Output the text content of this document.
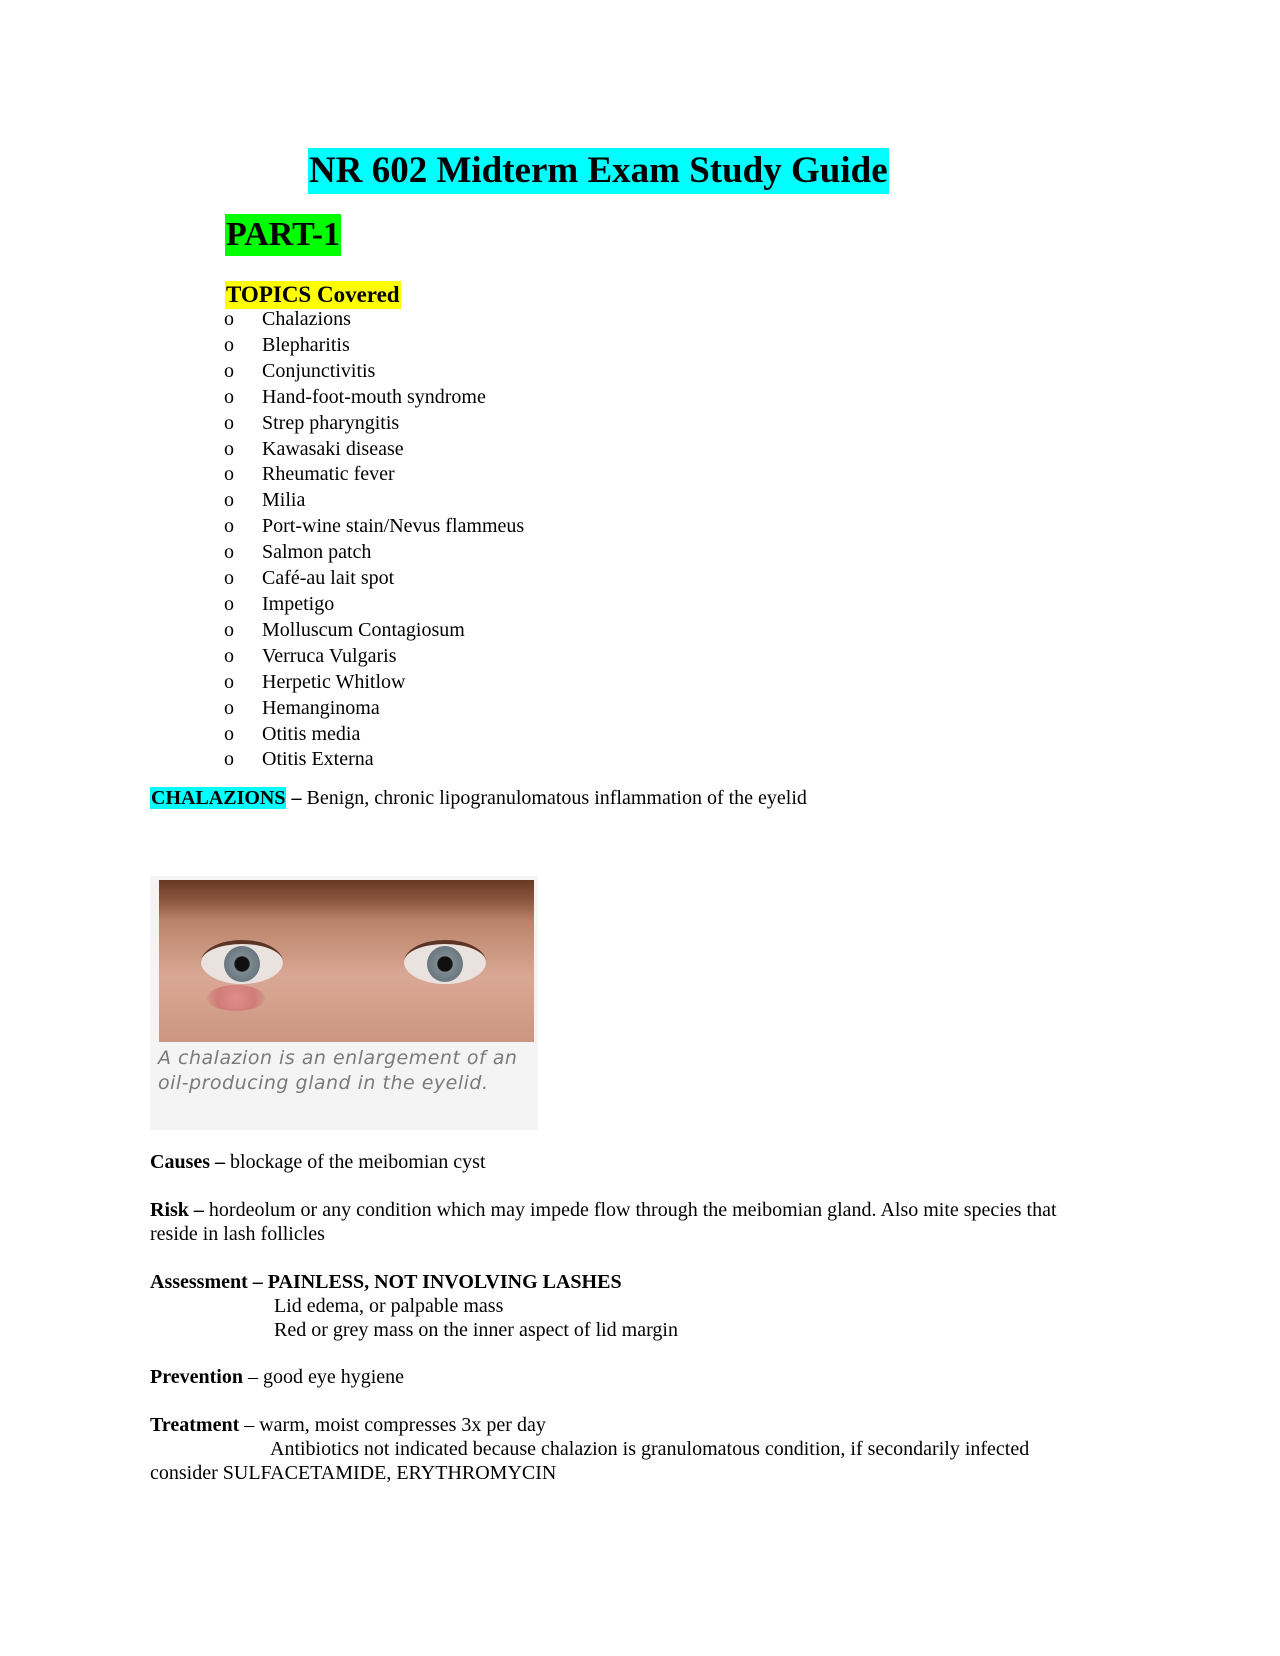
NR 602 Midterm Exam Study Guide
PART-1
TOPICS Covered
o Chalazions
o Blepharitis
o Conjunctivitis
o Hand-foot-mouth syndrome
o Strep pharyngitis
o Kawasaki disease
o Rheumatic fever
o Milia
o Port-wine stain/Nevus flammeus
o Salmon patch
o Café-au lait spot
o Impetigo
o Molluscum Contagiosum
o Verruca Vulgaris
o Herpetic Whitlow
o Hemanginoma
o Otitis media
o Otitis Externa
CHALAZIONS – Benign, chronic lipogranulomatous inflammation of the eyelid
A chalazion is an enlargement of an oil-producing gland in the eyelid.
Causes – blockage of the meibomian cyst
Risk – hordeolum or any condition which may impede flow through the meibomian gland. Also mite species that
reside in lash follicles
Assessment – PAINLESS, NOT INVOLVING LASHES
Lid edema, or palpable mass
Red or grey mass on the inner aspect of lid margin
Prevention – good eye hygiene
Treatment – warm, moist compresses 3x per day
Antibiotics not indicated because chalazion is granulomatous condition, if secondarily infected
consider SULFACETAMIDE, ERYTHROMYCIN
